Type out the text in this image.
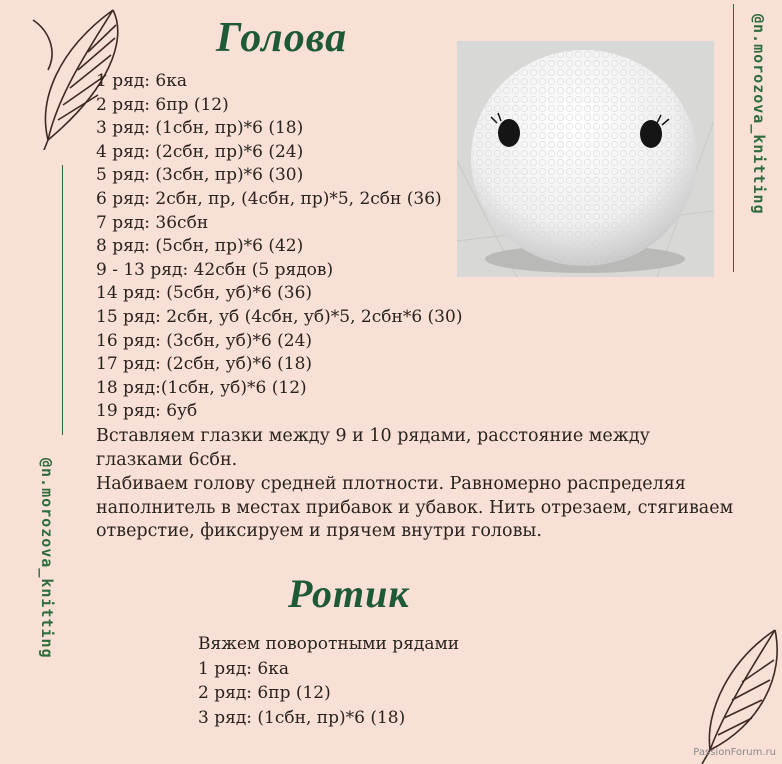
Голова
1 ряд: 6ка
2 ряд: 6пр (12)
3 ряд: (1сбн, пр)*6 (18)
4 ряд: (2сбн, пр)*6 (24)
5 ряд: (3сбн, пр)*6 (30)
6 ряд: 2сбн, пр, (4сбн, пр)*5, 2сбн (36)
7 ряд: 36сбн
8 ряд: (5сбн, пр)*6 (42)
9 - 13 ряд: 42сбн (5 рядов)
14 ряд: (5сбн, уб)*6 (36)
15 ряд: 2сбн, уб (4сбн, уб)*5, 2сбн*6 (30)
16 ряд: (3сбн, уб)*6 (24)
17 ряд: (2сбн, уб)*6 (18)
18 ряд:(1сбн, уб)*6 (12)
19 ряд: 6уб

Вставляем глазки между 9 и 10 рядами, расстояние между глазками 6сбн.

Набиваем голову средней плотности. Равномерно распределяя наполнитель в местах прибавок и убавок. Нить отрезаем, стягиваем отверстие, фиксируем и прячем внутри головы.

Ротик
Вяжем поворотными рядами
1 ряд: 6ка
2 ряд: 6пр (12)
3 ряд: (1сбн, пр)*6 (18)
@n.morozova_knitting
@n.morozova_knitting
PassionForum.ru
